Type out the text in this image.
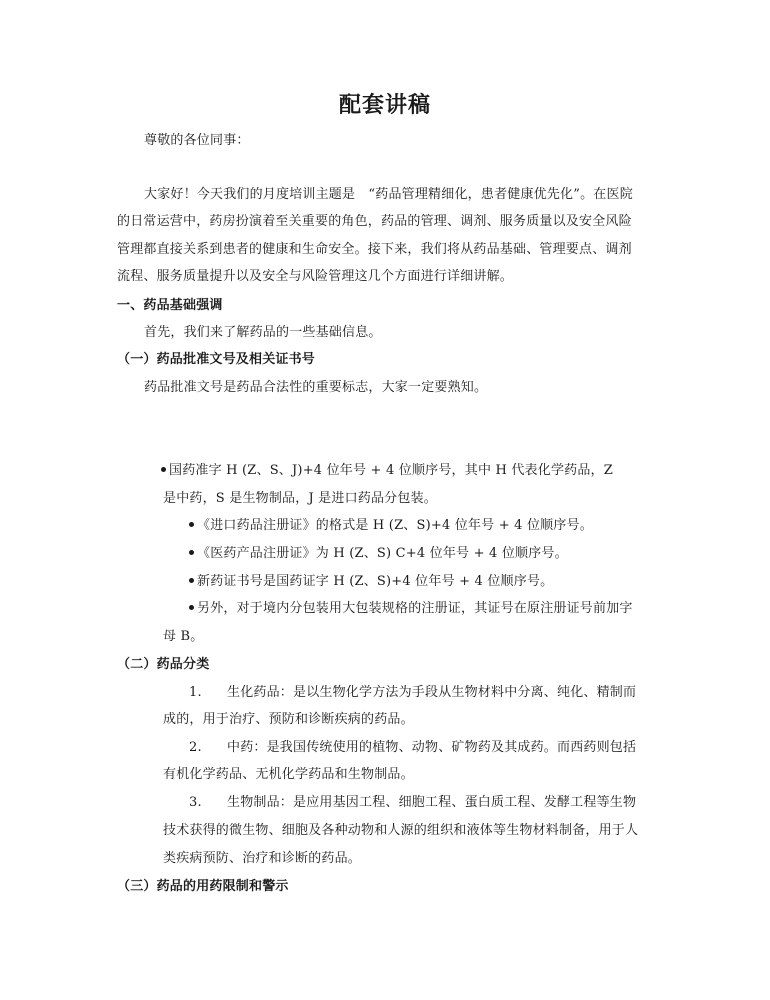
配套讲稿
尊敬的各位同事：
大家好！今天我们的月度培训主题是　“药品管理精细化，患者健康优先化”。在医院
的日常运营中，药房扮演着至关重要的角色，药品的管理、调剂、服务质量以及安全风险
管理都直接关系到患者的健康和生命安全。接下来，我们将从药品基础、管理要点、调剂
流程、服务质量提升以及安全与风险管理这几个方面进行详细讲解。
一、药品基础强调
首先，我们来了解药品的一些基础信息。
（一）药品批准文号及相关证书号
药品批准文号是药品合法性的重要标志，大家一定要熟知。
国药准字 H (Z、S、J)+4 位年号 + 4 位顺序号，其中 H 代表化学药品，Z
是中药，S 是生物制品，J 是进口药品分包装。
《进口药品注册证》的格式是 H (Z、S)+4 位年号 + 4 位顺序号。
《医药产品注册证》为 H (Z、S) C+4 位年号 + 4 位顺序号。
新药证书号是国药证字 H (Z、S)+4 位年号 + 4 位顺序号。
另外，对于境内分包装用大包装规格的注册证，其证号在原注册证号前加字
母 B。
（二）药品分类
1. 生化药品：是以生物化学方法为手段从生物材料中分离、纯化、精制而
成的，用于治疗、预防和诊断疾病的药品。
2. 中药：是我国传统使用的植物、动物、矿物药及其成药。而西药则包括
有机化学药品、无机化学药品和生物制品。
3. 生物制品：是应用基因工程、细胞工程、蛋白质工程、发酵工程等生物
技术获得的微生物、细胞及各种动物和人源的组织和液体等生物材料制备，用于人
类疾病预防、治疗和诊断的药品。
（三）药品的用药限制和警示
